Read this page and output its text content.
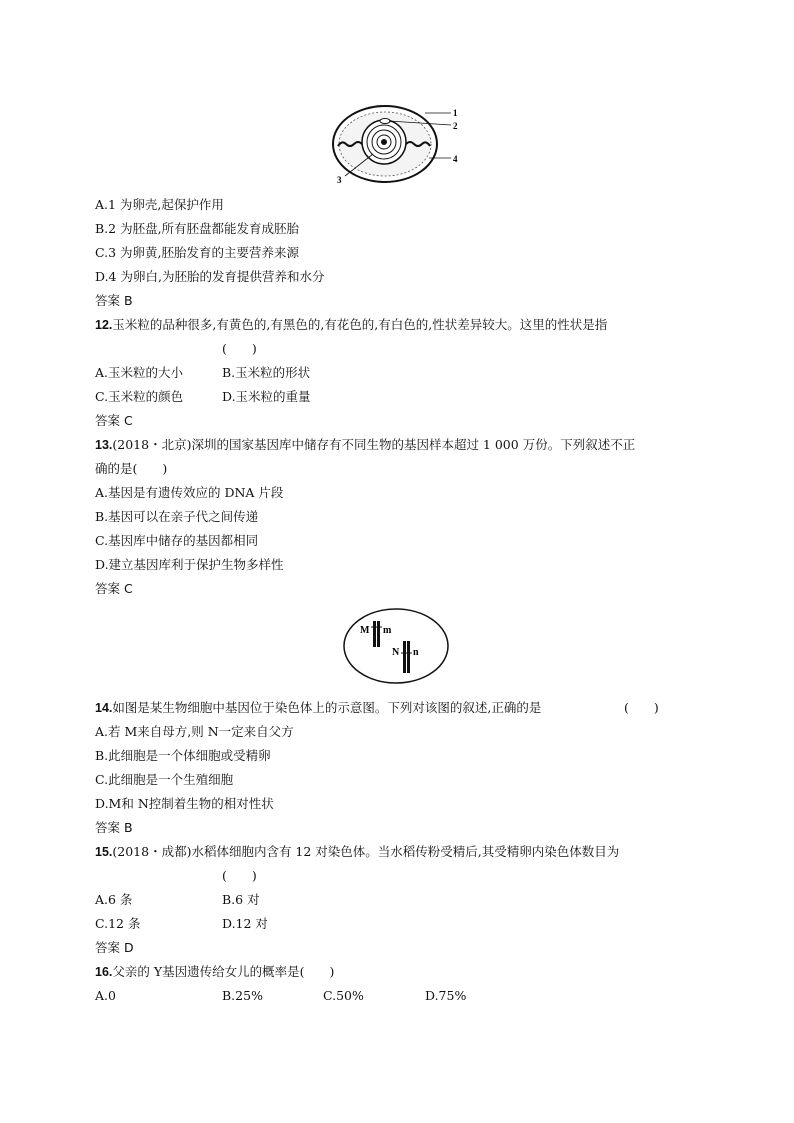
1
2
3
4
A.1 为卵壳,起保护作用
B.2 为胚盘,所有胚盘都能发育成胚胎
C.3 为卵黄,胚胎发育的主要营养来源
D.4 为卵白,为胚胎的发育提供营养和水分
答案 B
12.玉米粒的品种很多,有黄色的,有黑色的,有花色的,有白色的,性状差异较大。这里的性状是指
(　　)
A.玉米粒的大小	B.玉米粒的形状
C.玉米粒的颜色	D.玉米粒的重量
答案 C
13.(2018・北京)深圳的国家基因库中储存有不同生物的基因样本超过 1 000 万份。下列叙述不正
确的是(　　)
A.基因是有遗传效应的 DNA 片段
B.基因可以在亲子代之间传递
C.基因库中储存的基因都相同
D.建立基因库利于保护生物多样性
答案 C
M m
N n
14.如图是某生物细胞中基因位于染色体上的示意图。下列对该图的叙述,正确的是	(　　)
A.若 M来自母方,则 N一定来自父方
B.此细胞是一个体细胞或受精卵
C.此细胞是一个生殖细胞
D.M和 N控制着生物的相对性状
答案 B
15.(2018・成都)水稻体细胞内含有 12 对染色体。当水稻传粉受精后,其受精卵内染色体数目为
(　　)
A.6 条	B.6 对
C.12 条	D.12 对
答案 D
16.父亲的 Y基因遗传给女儿的概率是(　　)
A.0	B.25%	C.50%	D.75%
